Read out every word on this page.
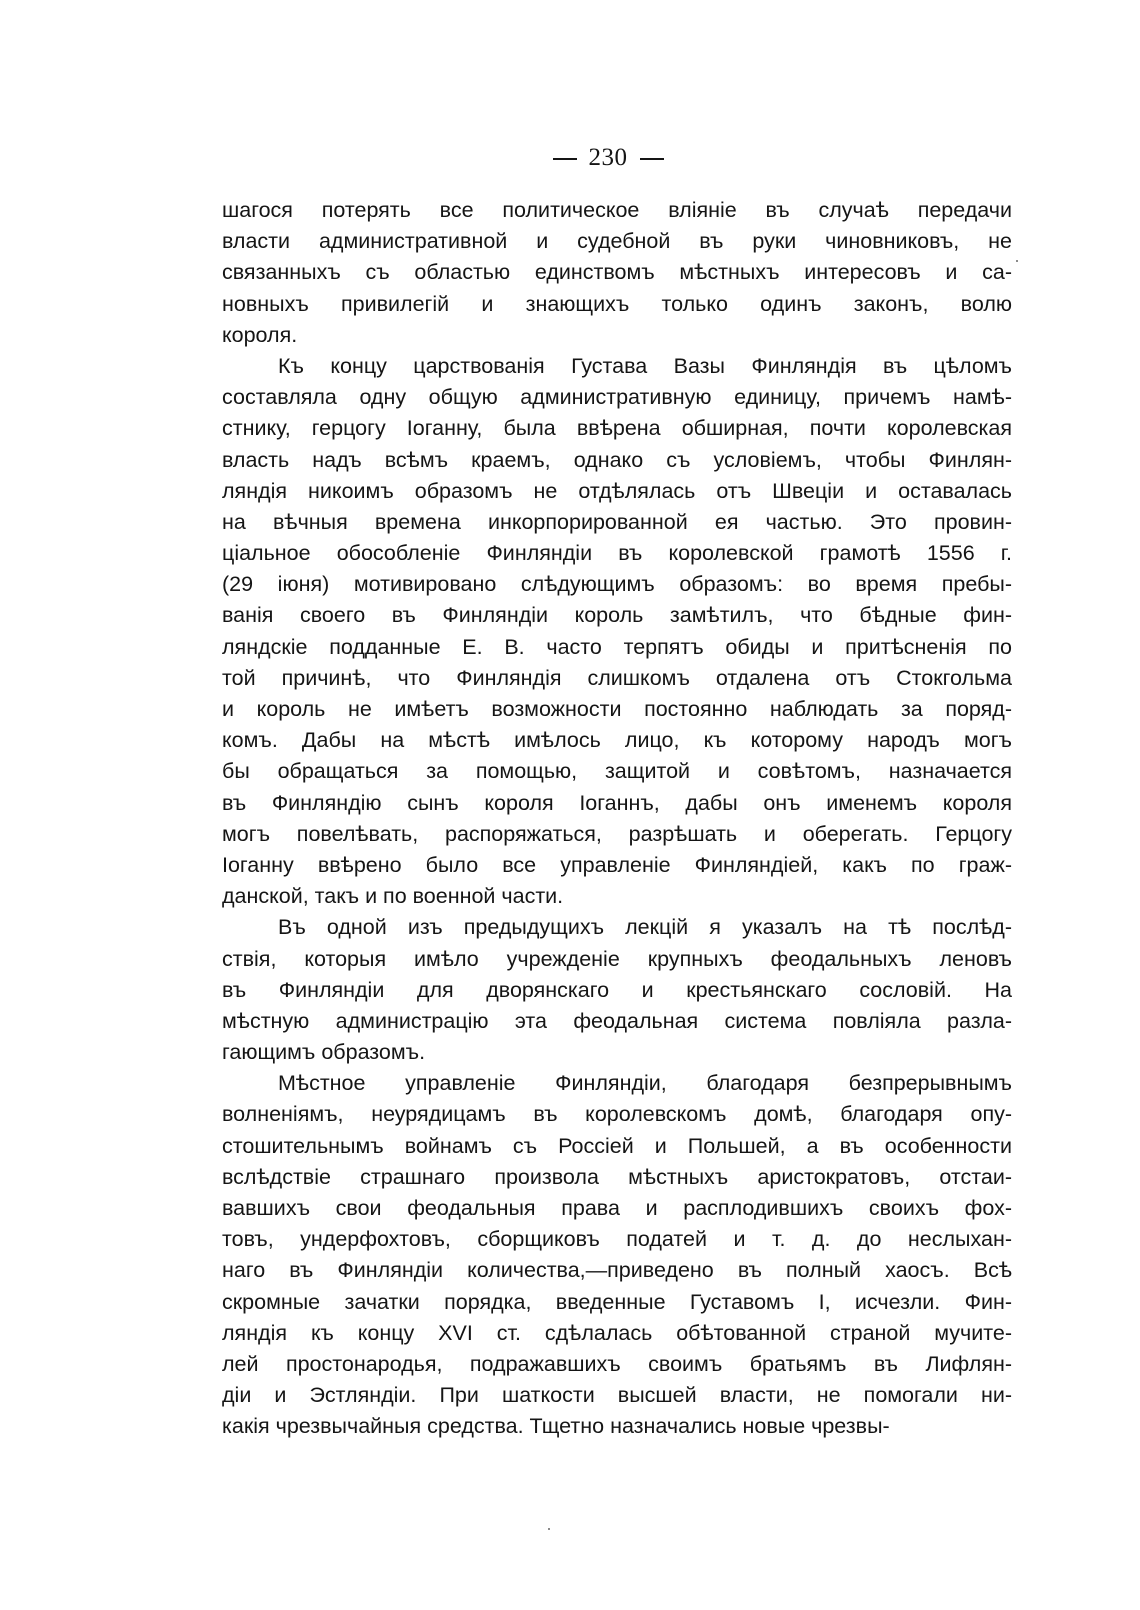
230
шагося потерять все политическое вліяніе въ случаѣ передачи
власти административной и судебной въ руки чиновниковъ, не
связанныхъ съ областью единствомъ мѣстныхъ интересовъ и са-
новныхъ привилегій и знающихъ только одинъ законъ, волю
короля.
Къ концу царствованія Густава Вазы Финляндія въ цѣломъ
составляла одну общую административную единицу, причемъ намѣ-
стнику, герцогу Іоганну, была ввѣрена обширная, почти королевская
власть надъ всѣмъ краемъ, однако съ условіемъ, чтобы Финлян-
ляндія никоимъ образомъ не отдѣлялась отъ Швеціи и оставалась
на вѣчныя времена инкорпорированной ея частью. Это провин-
ціальное обособленіе Финляндіи въ королевской грамотѣ 1556 г.
(29 іюня) мотивировано слѣдующимъ образомъ: во время пребы-
ванія своего въ Финляндіи король замѣтилъ, что бѣдные фин-
ляндскіе подданные Е. В. часто терпятъ обиды и притѣсненія по
той причинѣ, что Финляндія слишкомъ отдалена отъ Стокгольма
и король не имѣетъ возможности постоянно наблюдать за поряд-
комъ. Дабы на мѣстѣ имѣлось лицо, къ которому народъ могъ
бы обращаться за помощью, защитой и совѣтомъ, назначается
въ Финляндію сынъ короля Іоганнъ, дабы онъ именемъ короля
могъ повелѣвать, распоряжаться, разрѣшать и оберегать. Герцогу
Іоганну ввѣрено было все управленіе Финляндіей, какъ по граж-
данской, такъ и по военной части.
Въ одной изъ предыдущихъ лекцій я указалъ на тѣ послѣд-
ствія, которыя имѣло учрежденіе крупныхъ феодальныхъ леновъ
въ Финляндіи для дворянскаго и крестьянскаго сословій. На
мѣстную администрацію эта феодальная система повліяла разла-
гающимъ образомъ.
Мѣстное управленіе Финляндіи, благодаря безпрерывнымъ
волненіямъ, неурядицамъ въ королевскомъ домѣ, благодаря опу-
стошительнымъ войнамъ съ Россіей и Польшей, а въ особенности
вслѣдствіе страшнаго произвола мѣстныхъ аристократовъ, отстаи-
вавшихъ свои феодальныя права и расплодившихъ своихъ фох-
товъ, ундерфохтовъ, сборщиковъ податей и т. д. до неслыхан-
наго въ Финляндіи количества,—приведено въ полный хаосъ. Всѣ
скромные зачатки порядка, введенные Густавомъ I, исчезли. Фин-
ляндія къ концу XVI ст. сдѣлалась обѣтованной страной мучите-
лей простонародья, подражавшихъ своимъ братьямъ въ Лифлян-
діи и Эстляндіи. При шаткости высшей власти, не помогали ни-
какія чрезвычайныя средства. Тщетно назначались новые чрезвы-
